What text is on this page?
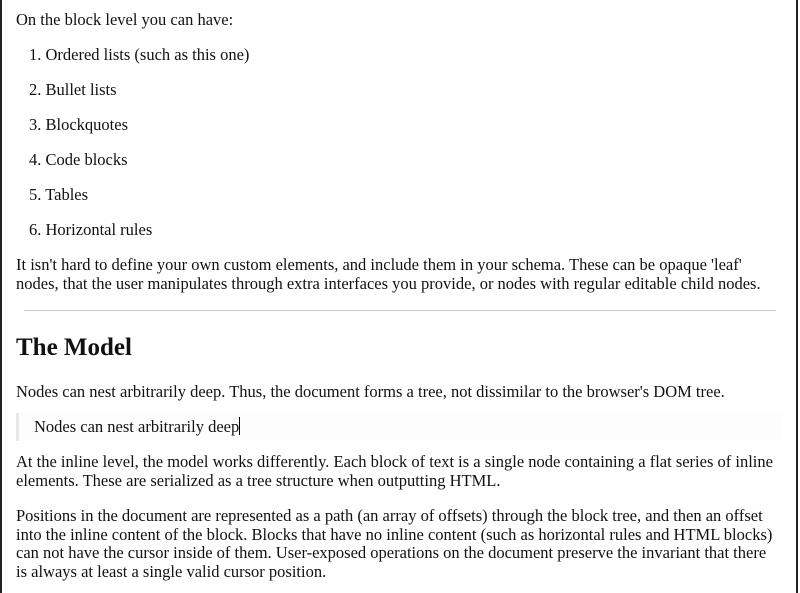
On the block level you can have:

1. Ordered lists (such as this one)
2. Bullet lists
3. Blockquotes
4. Code blocks
5. Tables
6. Horizontal rules

It isn't hard to define your own custom elements, and include them in your schema. These can be opaque 'leaf' nodes, that the user manipulates through extra interfaces you provide, or nodes with regular editable child nodes.

The Model

Nodes can nest arbitrarily deep. Thus, the document forms a tree, not dissimilar to the browser's DOM tree.

Nodes can nest arbitrarily deep

At the inline level, the model works differently. Each block of text is a single node containing a flat series of inline elements. These are serialized as a tree structure when outputting HTML.

Positions in the document are represented as a path (an array of offsets) through the block tree, and then an offset into the inline content of the block. Blocks that have no inline content (such as horizontal rules and HTML blocks) can not have the cursor inside of them. User-exposed operations on the document preserve the invariant that there is always at least a single valid cursor position.
